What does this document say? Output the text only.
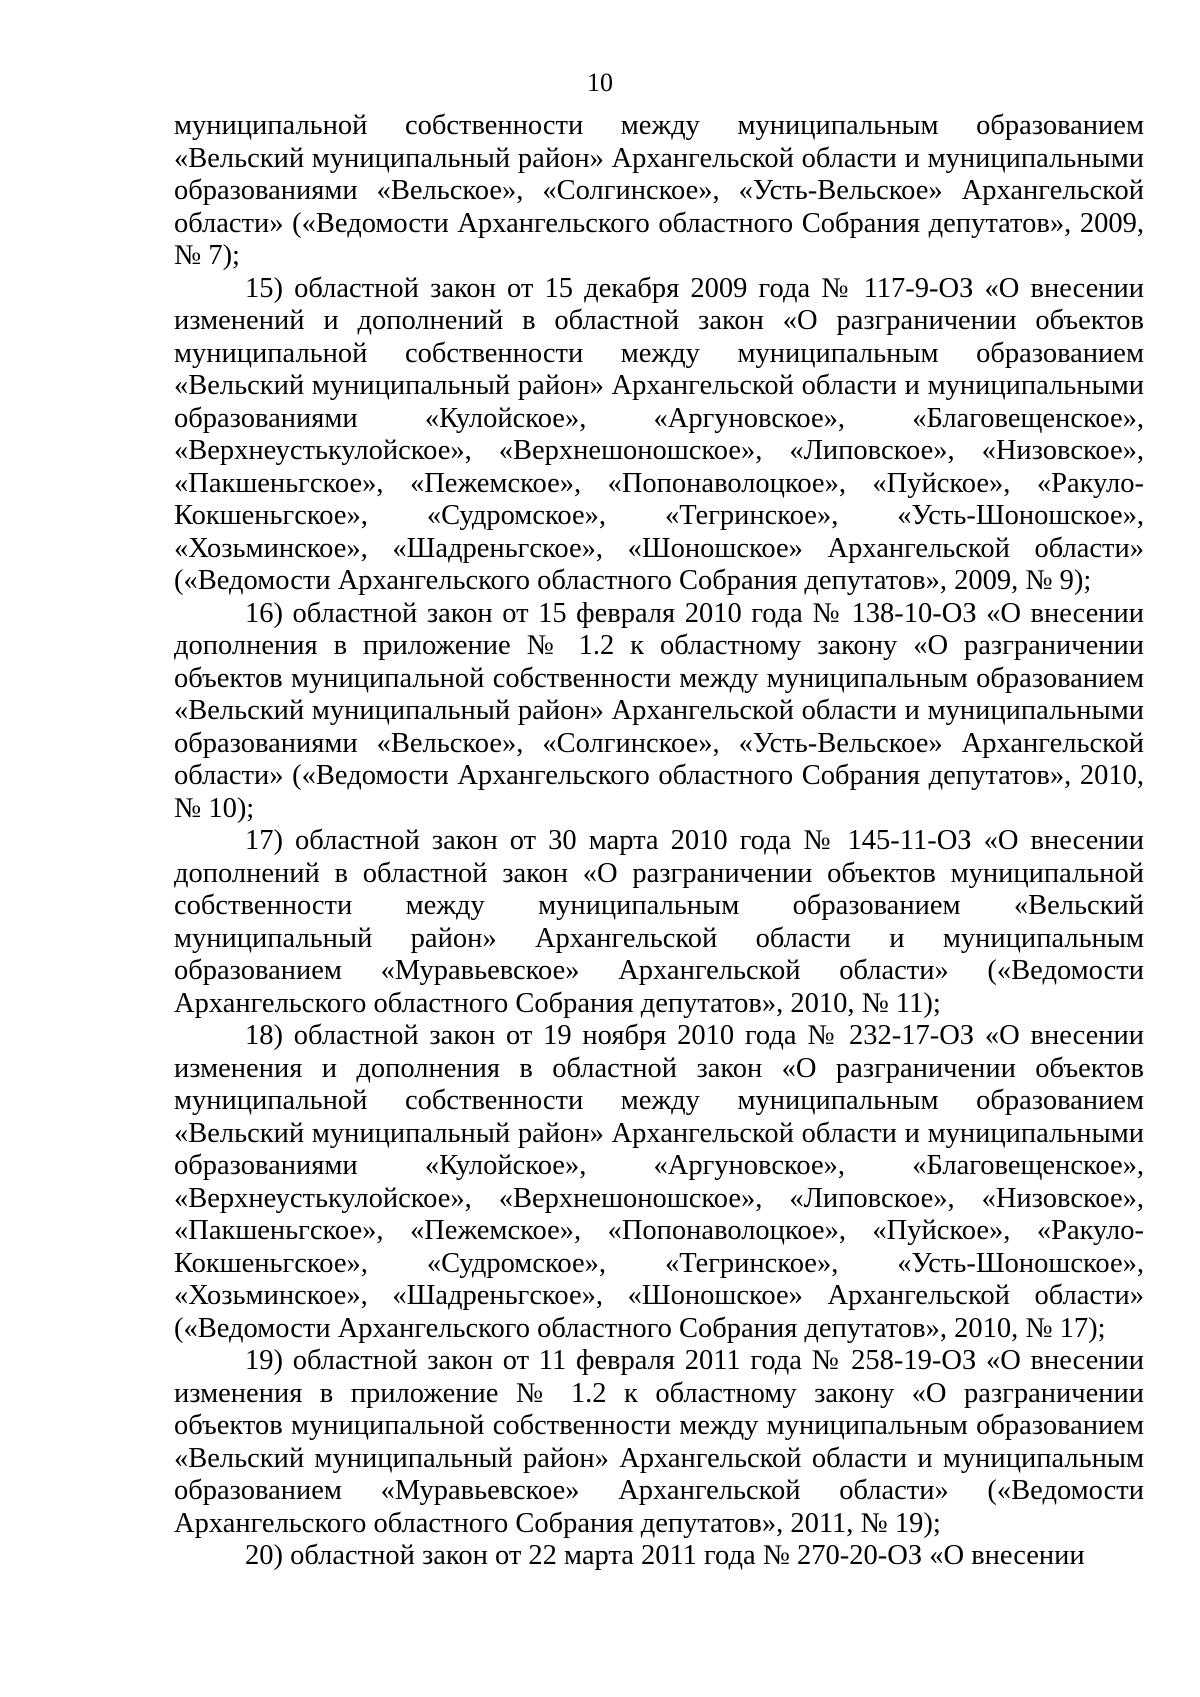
10

муниципальной собственности между муниципальным образованием «Вельский муниципальный район» Архангельской области и муниципальными образованиями «Вельское», «Солгинское», «Усть-Вельское» Архангельской области» («Ведомости Архангельского областного Собрания депутатов», 2009, № 7);

15) областной закон от 15 декабря 2009 года № 117-9-ОЗ «О внесении изменений и дополнений в областной закон «О разграничении объектов муниципальной собственности между муниципальным образованием «Вельский муниципальный район» Архангельской области и муниципальными образованиями «Кулойское», «Аргуновское», «Благовещенское», «Верхнеустькулойское», «Верхнешоношское», «Липовское», «Низовское», «Пакшеньгское», «Пежемское», «Попонаволоцкое», «Пуйское», «Ракуло-Кокшеньгское», «Судромское», «Тегринское», «Усть-Шоношское», «Хозьминское», «Шадреньгское», «Шоношское» Архангельской области» («Ведомости Архангельского областного Собрания депутатов», 2009, № 9);

16) областной закон от 15 февраля 2010 года № 138-10-ОЗ «О внесении дополнения в приложение № 1.2 к областному закону «О разграничении объектов муниципальной собственности между муниципальным образованием «Вельский муниципальный район» Архангельской области и муниципальными образованиями «Вельское», «Солгинское», «Усть-Вельское» Архангельской области» («Ведомости Архангельского областного Собрания депутатов», 2010, № 10);

17) областной закон от 30 марта 2010 года № 145-11-ОЗ «О внесении дополнений в областной закон «О разграничении объектов муниципальной собственности между муниципальным образованием «Вельский муниципальный район» Архангельской области и муниципальным образованием «Муравьевское» Архангельской области» («Ведомости Архангельского областного Собрания депутатов», 2010, № 11);

18) областной закон от 19 ноября 2010 года № 232-17-ОЗ «О внесении изменения и дополнения в областной закон «О разграничении объектов муниципальной собственности между муниципальным образованием «Вельский муниципальный район» Архангельской области и муниципальными образованиями «Кулойское», «Аргуновское», «Благовещенское», «Верхнеустькулойское», «Верхнешоношское», «Липовское», «Низовское», «Пакшеньгское», «Пежемское», «Попонаволоцкое», «Пуйское», «Ракуло-Кокшеньгское», «Судромское», «Тегринское», «Усть-Шоношское», «Хозьминское», «Шадреньгское», «Шоношское» Архангельской области» («Ведомости Архангельского областного Собрания депутатов», 2010, № 17);

19) областной закон от 11 февраля 2011 года № 258-19-ОЗ «О внесении изменения в приложение № 1.2 к областному закону «О разграничении объектов муниципальной собственности между муниципальным образованием «Вельский муниципальный район» Архангельской области и муниципальным образованием «Муравьевское» Архангельской области» («Ведомости Архангельского областного Собрания депутатов», 2011, № 19);

20) областной закон от 22 марта 2011 года № 270-20-ОЗ «О внесении
